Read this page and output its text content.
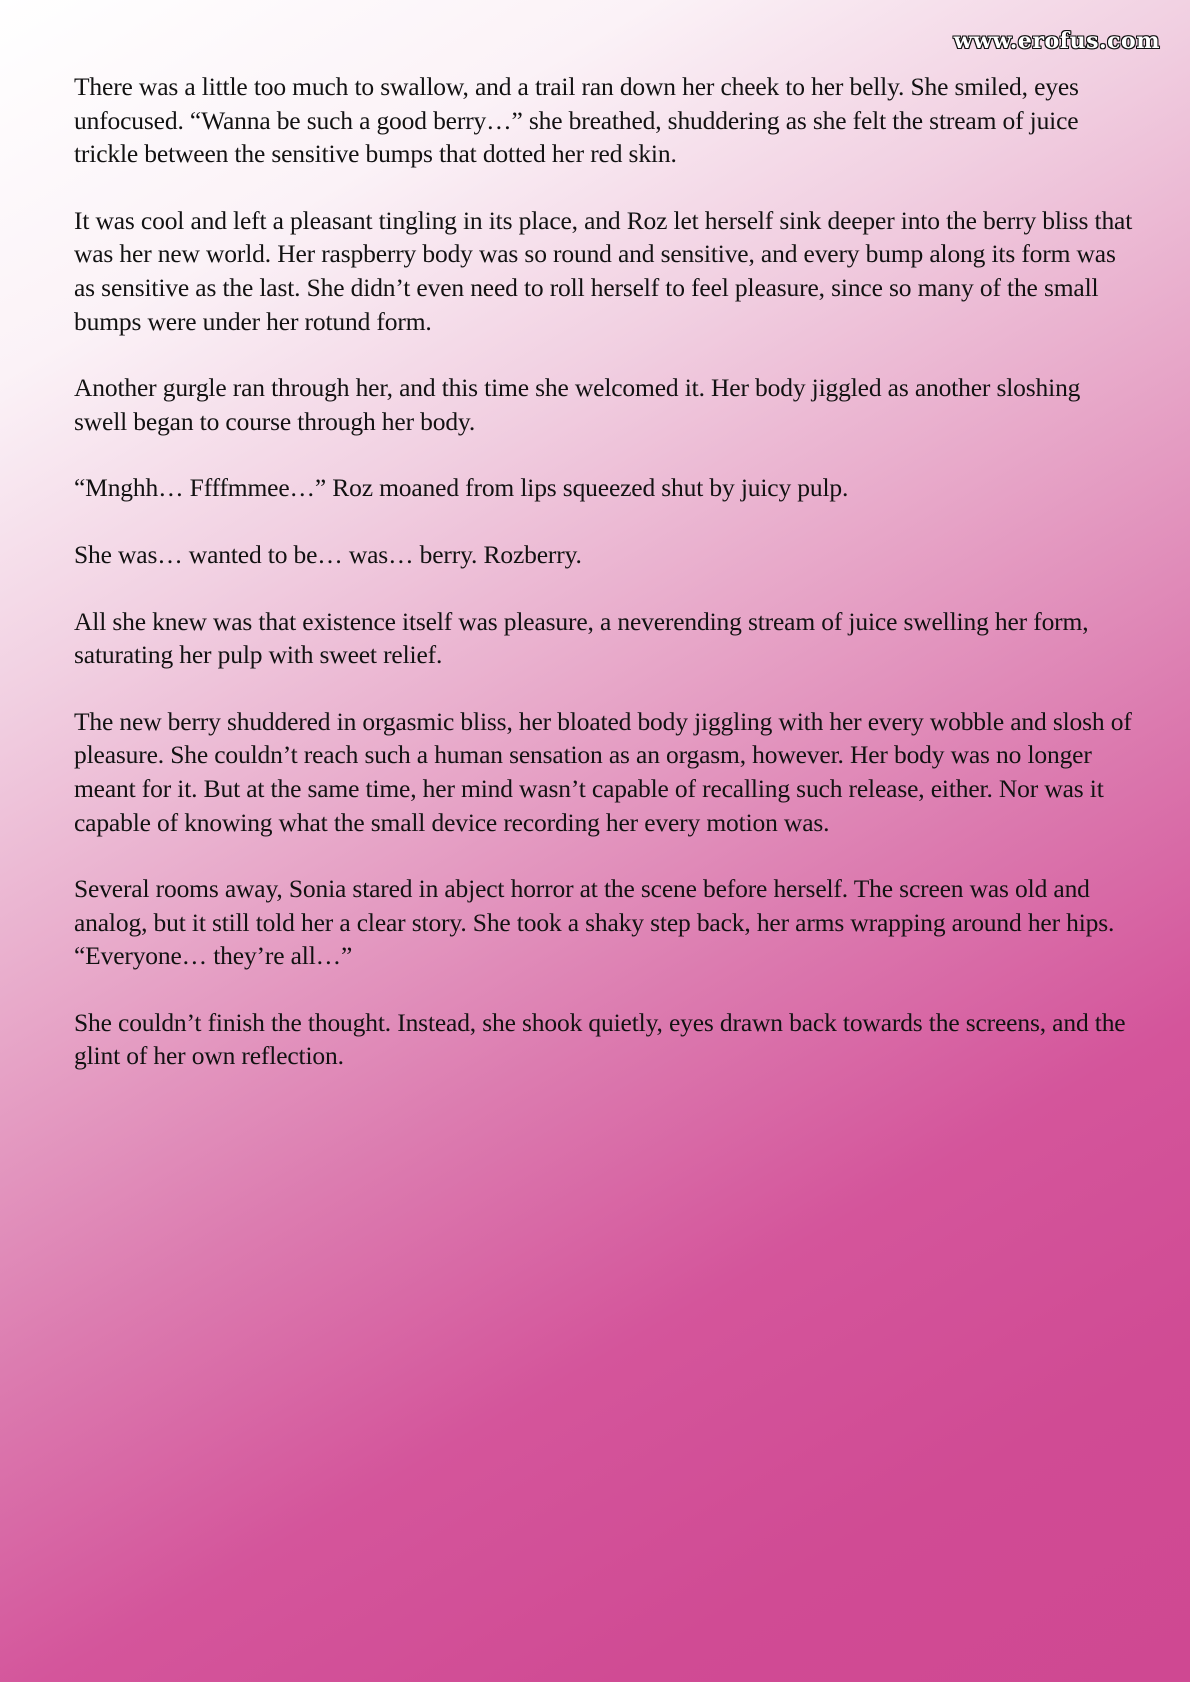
www.erofus.com

There was a little too much to swallow, and a trail ran down her cheek to her belly. She smiled, eyes unfocused. “Wanna be such a good berry…” she breathed, shuddering as she felt the stream of juice trickle between the sensitive bumps that dotted her red skin.

It was cool and left a pleasant tingling in its place, and Roz let herself sink deeper into the berry bliss that was her new world. Her raspberry body was so round and sensitive, and every bump along its form was as sensitive as the last. She didn’t even need to roll herself to feel pleasure, since so many of the small bumps were under her rotund form.

Another gurgle ran through her, and this time she welcomed it. Her body jiggled as another sloshing swell began to course through her body.

“Mnghh… Ffffmmee…” Roz moaned from lips squeezed shut by juicy pulp.

She was… wanted to be… was… berry. Rozberry.

All she knew was that existence itself was pleasure, a neverending stream of juice swelling her form, saturating her pulp with sweet relief.

The new berry shuddered in orgasmic bliss, her bloated body jiggling with her every wobble and slosh of pleasure. She couldn’t reach such a human sensation as an orgasm, however. Her body was no longer meant for it. But at the same time, her mind wasn’t capable of recalling such release, either. Nor was it capable of knowing what the small device recording her every motion was.

Several rooms away, Sonia stared in abject horror at the scene before herself. The screen was old and analog, but it still told her a clear story. She took a shaky step back, her arms wrapping around her hips. “Everyone… they’re all…”

She couldn’t finish the thought. Instead, she shook quietly, eyes drawn back towards the screens, and the glint of her own reflection.
